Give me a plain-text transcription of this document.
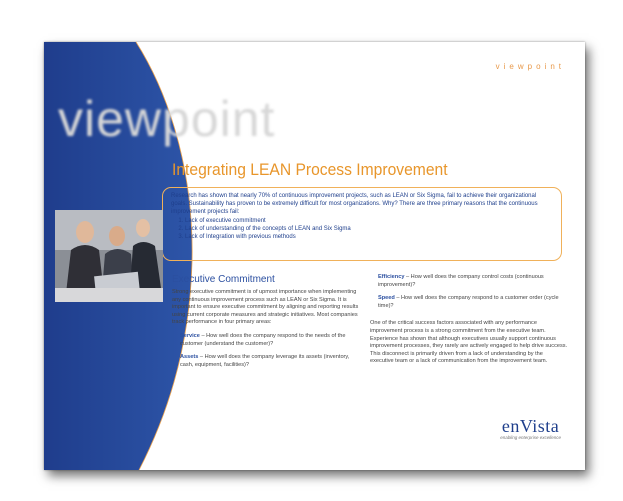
viewpoint
viewpoint
Integrating LEAN Process Improvement

Research has shown that nearly 70% of continuous improvement projects, such as LEAN or Six Sigma, fail to achieve their organizational goals. Sustainability has proven to be extremely difficult for most organizations. Why? There are three primary reasons that the continuous improvement projects fail:

1. Lack of executive commitment
2. Lack of understanding of the concepts of LEAN and Six Sigma
3. Lack of Integration with previous methods
Executive Commitment

Strong executive commitment is of upmost importance when implementing any continuous improvement process such as LEAN or Six Sigma. It is important to ensure executive commitment by aligning and reporting results using current corporate measures and strategic initiatives. Most companies track performance in four primary areas:

Service – How well does the company respond to the needs of the customer (understand the customer)?

Assets – How well does the company leverage its assets (inventory, cash, equipment, facilities)?

Efficiency – How well does the company control costs (continuous improvement)?

Speed – How well does the company respond to a customer order (cycle time)?

One of the critical success factors associated with any performance improvement process is a strong commitment from the executive team. Experience has shown that although executives usually support continuous improvement processes, they rarely are actively engaged to help drive success. This disconnect is primarily driven from a lack of understanding by the executive team or a lack of communication from the improvement team.

enVista
enabling enterprise excellence
